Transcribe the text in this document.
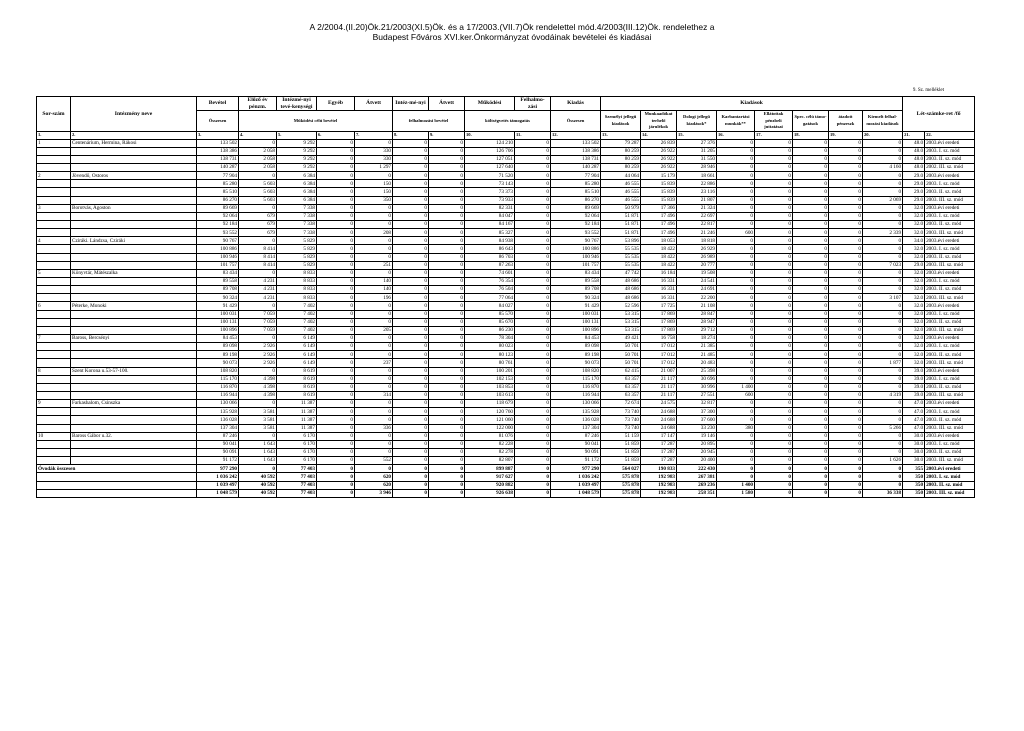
A 2/2004.(II.20)Ök.21/2003(XI.5)Ök. és a 17/2003.(VII.7)Ök rendelettel mód.4/2003(III.12)Ök. rendelethez a
Budapest Főváros XVI.ker.Önkormányzat óvodáinak bevételei és kiadásai
9. Sz. melléklet
Sor-szám	Intézmény neve	Bevétel	Előző év pénzm.	Intézmé-nyi tevé-kenységi	Egyéb	Átvett	Intéz-mé-nyi	Átvett	Működési	Felhalmo-zási	Kiadás	Kiadások								Lét-számke-ret /fő	
		Összesen	Működési célú bevétel				felhalmozási bevétel		költségvetés támogatás		Összesen	Személyi jellegű kiadások	Munkaadókat terhelő járulékok	Dologi jellegű kiadások*	Karbantartási munkák**	Ellátottak pénzbeli juttatásai	Spec. célú támo-gatások	átadott pénzeszk	Kiemelt felhal-mozási kiadások		
1.	2.	3.	4.	5.	6.	7.	8.	9.	10.	11.	12.	13.	14.	15.	16.	17.	18.	19.	20.	21.	22.
1	Centenárium, Hermina, Rákosi	133 502	0	9 292	0	0	0	0	124 210	0	133 502	79 287	26 839	27 376	0	0	0	0	0	48.0	2003.évi eredeti
		138 386	2 058	9 292	0	330	0	0	126 706	0	138 386	80 259	26 922	31 205	0	0	0	0	0	48.0	2003. I. sz. mód
		138 731	2 058	9 292	0	330	0	0	127 051	0	138 731	80 259	26 922	31 550	0	0	0	0	0	48.0	2003. II. sz. mód
		140 287	2 058	9 292	0	1 297	0	0	127 640	0	140 287	80 259	26 922	28 946	0	0	0	0	4 160	48.0	2002. III. sz. mód
2	Jövendő, Ostoros	77 904	0	6 384	0	0	0	0	71 520	0	77 904	44 064	15 179	18 661	0	0	0	0	0	29.0	2003.évi eredeti
		85 280	5 603	6 384	0	150	0	0	73 143	0	85 280	46 555	15 839	22 886	0	0	0	0	0	29.0	2003. I. sz. mód
		85 510	5 603	6 384	0	150	0	0	73 373	0	85 510	46 555	15 839	23 116	0	0	0	0	0	29.0	2003. II. sz. mód
		86 270	5 603	6 384	0	350	0	0	73 933	0	86 270	46 555	15 839	21 807	0	0	0	0	2 069	29.0	2003. III. sz. mód
3	Borotvás, Agoston	89 669	0	7 338	0	0	0	0	82 331	0	89 669	50 979	17 366	21 324	0	0	0	0	0	32.0	2003.évi eredeti
		92 064	679	7 338	0	0	0	0	84 047	0	92 064	51 871	17 496	22 697	0	0	0	0	0	32.0	2003. I. sz. mód
		92 184	679	7 338	0	0	0	0	84 167	0	92 184	51 871	17 496	22 817	0	0	0	0	0	32.0	2003. II. sz. mód
		93 552	679	7 338	0	208	0	0	85 327	0	93 552	51 871	17 496	21 246	600	0	0	0	2 339	32.0	2003. III. sz. mód
4	Cziráki. Lándzsa, Cziráki	90 767	0	5 829	0	0	0	0	84 938	0	90 767	53 896	18 053	18 818	0	0	0	0	0	34.0	2003.évi eredeti
		100 886	8 414	5 829	0	0	0	0	86 643	0	100 886	55 535	18 422	26 929	0	0	0	0	0	32.0	2003. I. sz. mód
		100 946	8 414	5 829	0	0	0	0	86 703	0	100 946	55 535	18 422	26 989	0	0	0	0	0	32.0	2003. II. sz. mód
		101 757	8 414	5 829	0	251	0	0	87 263	0	101 757	55 535	18 422	20 777	0	0	0	0	7 023	29.0	2003. III. sz. mód
5	Könyvtár, Mátészalka	83 434	0	8 833	0	0	0	0	74 601	0	83 434	47 742	16 184	19 508	0	0	0	0	0	32.0	2003.évi eredeti
		89 558	4 231	8 833	0	140	0	0	76 354	0	89 558	48 686	16 331	24 541	0	0	0	0	0	32.0	2003. I. sz. mód
		89 708	4 231	8 833	0	140	0	0	76 504	0	89 708	48 686	16 331	24 691	0	0	0	0	0	32.0	2003. II. sz. mód
		90 324	4 231	8 833	0	196	0	0	77 064	0	90 324	48 686	16 331	22 200	0	0	0	0	3 107	32.0	2003. III. sz. mód
6	Péterke, Monoki	91 429	0	7 402	0	0	0	0	84 027	0	91 429	52 596	17 725	21 108	0	0	0	0	0	32.0	2003.évi eredeti
		100 031	7 059	7 402	0	0	0	0	85 570	0	100 031	53 315	17 869	28 847	0	0	0	0	0	32.0	2003. I. sz. mód
		100 131	7 059	7 402	0	0	0	0	85 670	0	100 131	53 315	17 869	28 947	0	0	0	0	0	32.0	2003. II. sz. mód
		100 896	7 059	7 402	0	205	0	0	86 230	0	100 896	53 315	17 869	29 712	0	0	0	0	0	32.0	2003. III. sz. mód
7	Baross, Bercsényi	84 453	0	6 149	0	0	0	0	78 304	0	84 453	49 421	16 758	18 274	0	0	0	0	0	32.0	2003.évi eredeti
		89 098	2 926	6 149	0	0	0	0	80 023	0	89 098	50 701	17 012	21 385	0	0	0	0	0	32.0	2003. I. sz. mód
		89 198	2 926	6 149	0	0	0	0	80 123	0	89 198	50 701	17 012	21 485	0	0	0	0	0	32.0	2003. II. sz. mód
		90 073	2 926	6 149	0	237	0	0	80 761	0	90 073	50 701	17 012	20 483	0	0	0	0	1 877	32.0	2003. III. sz. mód
8	Szent Korona u.53-57-100.	108 820	0	8 619	0	0	0	0	100 201	0	108 820	62 415	21 007	25 398	0	0	0	0	0	39.0	2003.évi eredeti
		115 170	4 398	8 619	0	0	0	0	102 153	0	115 170	63 357	21 117	30 696	0	0	0	0	0	39.0	2003. I. sz. mód
		116 870	4 398	8 619	0	0	0	0	103 853	0	116 870	63 357	21 117	30 996	1 400	0	0	0	0	39.0	2003. II. sz. mód
		116 944	4 398	8 619	0	314	0	0	103 613	0	116 944	63 357	21 117	27 551	600	0	0	0	4 319	39.0	2003. III. sz. mód
9	Farkashalom, Csinszka	130 066	0	11 387	0	0	0	0	118 679	0	130 066	72 674	24 575	32 817	0	0	0	0	0	47.0	2003.évi eredeti
		135 928	3 581	11 387	0	0	0	0	120 760	0	135 928	73 740	24 688	37 300	0	0	0	0	0	47.0	2003. I. sz. mód
		136 028	3 581	11 387	0	0	0	0	121 060	0	136 028	73 740	24 688	37 600	0	0	0	0	0	47.0	2003. II. sz. mód
		137 304	3 581	11 387	0	336	0	0	122 000	0	137 304	73 740	24 688	33 230	380	0	0	0	5 266	47.0	2003. III. sz. mód
10	Baross Gábor u.32.	87 246	0	6 170	0	0	0	0	81 076	0	87 246	51 159	17 147	19 146	0	0	0	0	0	30.0	2003.évi eredeti
		90 041	1 643	6 170	0	0	0	0	82 228	0	90 041	51 859	17 287	20 895	0	0	0	0	0	30.0	2003. I. sz. mód
		90 091	1 643	6 170	0	0	0	0	82 278	0	90 091	51 859	17 287	20 945	0	0	0	0	0	30.0	2003. II. sz. mód
		91 172	1 643	6 170	0	552	0	0	82 807	0	91 172	51 859	17 287	20 400	0	0	0	0	1 626	30.0	2003. III. sz. mód
Óvodák összesen		977 290	0	77 403	0	0	0	0	899 887	0	977 290	564 027	190 833	222 430	0	0	0	0	0	355	2003.évi eredeti
		1 036 242	40 592	77 403	0	620	0	0	917 627	0	1 036 242	575 878	192 983	267 381	0	0	0	0	0	350	2003. I. sz. mód
		1 039 497	40 592	77 403	0	620	0	0	920 882	0	1 039 497	575 878	192 983	269 236	1 400	0	0	0	0	350	2003. II. sz. mód
		1 048 579	40 592	77 403	0	3 946	0	0	926 638	0	1 048 579	575 878	192 983	258 351	1 580	0	0	0	36 338	350	2003. III. sz. mód
